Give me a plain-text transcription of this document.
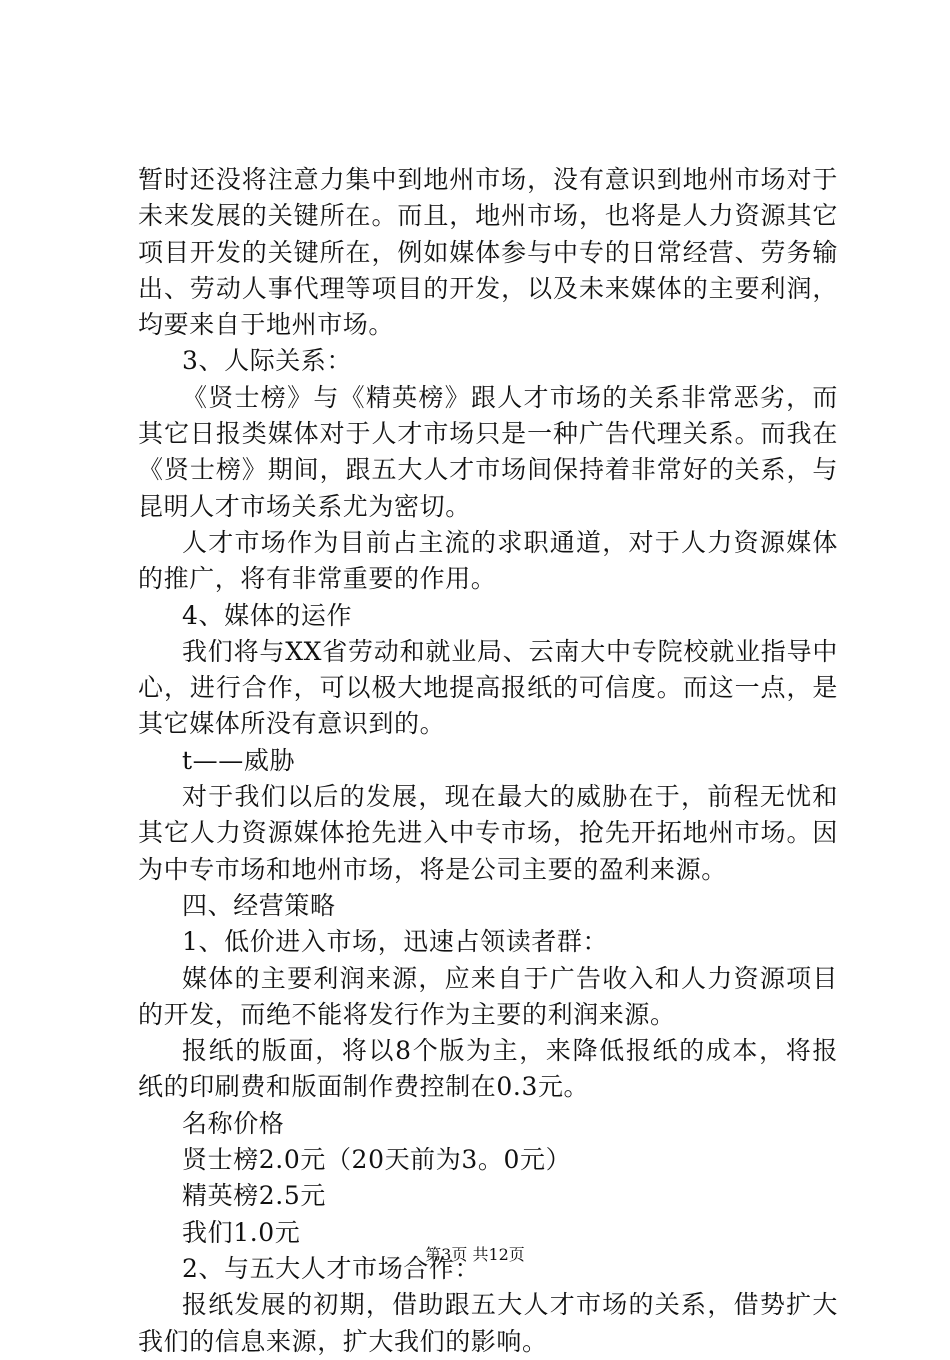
暂时还没将注意力集中到地州市场，没有意识到地州市场对于
未来发展的关键所在。而且，地州市场，也将是人力资源其它
项目开发的关键所在，例如媒体参与中专的日常经营、劳务输
出、劳动人事代理等项目的开发，以及未来媒体的主要利润，
均要来自于地州市场。
3、人际关系：
《贤士榜》与《精英榜》跟人才市场的关系非常恶劣，而
其它日报类媒体对于人才市场只是一种广告代理关系。而我在
《贤士榜》期间，跟五大人才市场间保持着非常好的关系，与
昆明人才市场关系尤为密切。
人才市场作为目前占主流的求职通道，对于人力资源媒体
的推广，将有非常重要的作用。
4、媒体的运作
我们将与XX省劳动和就业局、云南大中专院校就业指导中
心，进行合作，可以极大地提高报纸的可信度。而这一点，是
其它媒体所没有意识到的。
t——威胁
对于我们以后的发展，现在最大的威胁在于，前程无忧和
其它人力资源媒体抢先进入中专市场，抢先开拓地州市场。因
为中专市场和地州市场，将是公司主要的盈利来源。
四、经营策略
1、低价进入市场，迅速占领读者群：
媒体的主要利润来源，应来自于广告收入和人力资源项目
的开发，而绝不能将发行作为主要的利润来源。
报纸的版面，将以8个版为主，来降低报纸的成本，将报
纸的印刷费和版面制作费控制在0.3元。
名称价格
贤士榜2.0元（20天前为3。0元）
精英榜2.5元
我们1.0元
2、与五大人才市场合作：
报纸发展的初期，借助跟五大人才市场的关系，借势扩大
我们的信息来源，扩大我们的影响。
第3页 共12页
